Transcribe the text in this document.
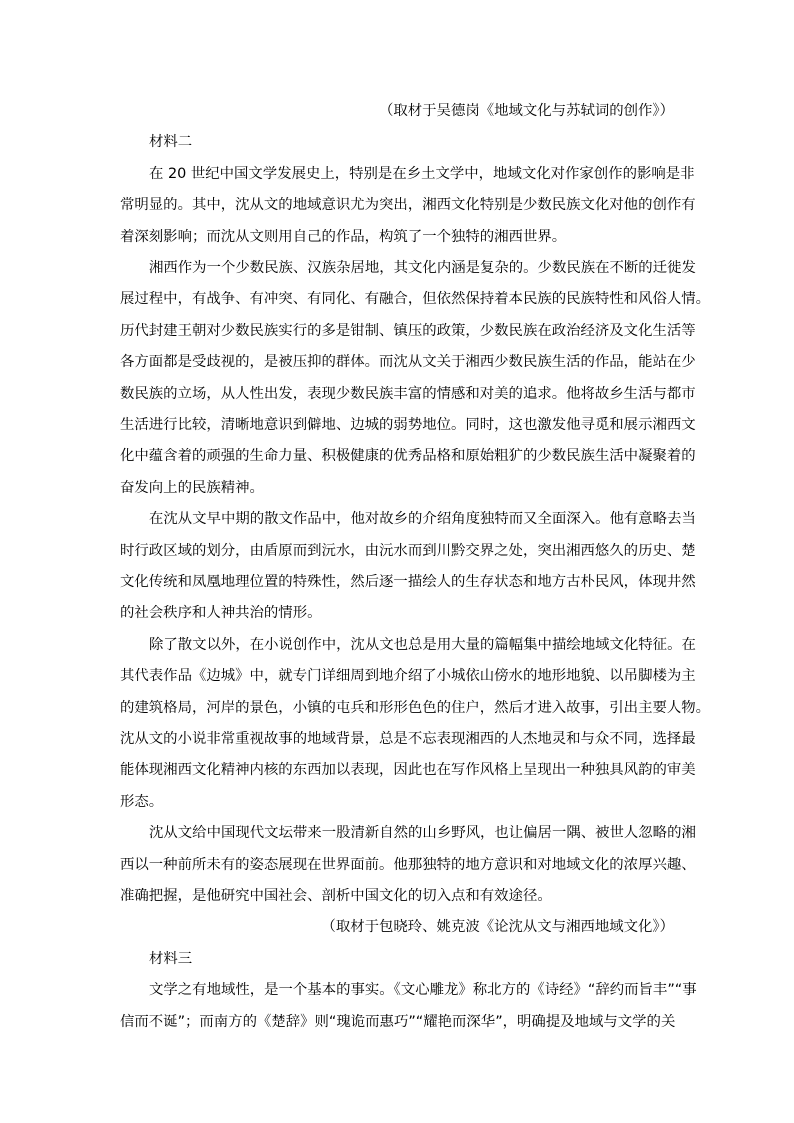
（取材于吴德岗《地域文化与苏轼词的创作》）
材料二
在 20 世纪中国文学发展史上，特别是在乡土文学中，地域文化对作家创作的影响是非
常明显的。其中，沈从文的地域意识尤为突出，湘西文化特别是少数民族文化对他的创作有
着深刻影响；而沈从文则用自己的作品，构筑了一个独特的湘西世界。
湘西作为一个少数民族、汉族杂居地，其文化内涵是复杂的。少数民族在不断的迁徙发
展过程中，有战争、有冲突、有同化、有融合，但依然保持着本民族的民族特性和风俗人情。
历代封建王朝对少数民族实行的多是钳制、镇压的政策，少数民族在政治经济及文化生活等
各方面都是受歧视的，是被压抑的群体。而沈从文关于湘西少数民族生活的作品，能站在少
数民族的立场，从人性出发，表现少数民族丰富的情感和对美的追求。他将故乡生活与都市
生活进行比较，清晰地意识到僻地、边城的弱势地位。同时，这也激发他寻觅和展示湘西文
化中蕴含着的顽强的生命力量、积极健康的优秀品格和原始粗犷的少数民族生活中凝聚着的
奋发向上的民族精神。
在沈从文早中期的散文作品中，他对故乡的介绍角度独特而又全面深入。他有意略去当
时行政区域的划分，由盾原而到沅水，由沅水而到川黔交界之处，突出湘西悠久的历史、楚
文化传统和凤凰地理位置的特殊性，然后逐一描绘人的生存状态和地方古朴民风，体现井然
的社会秩序和人神共治的情形。
除了散文以外，在小说创作中，沈从文也总是用大量的篇幅集中描绘地域文化特征。在
其代表作品《边城》中，就专门详细周到地介绍了小城依山傍水的地形地貌、以吊脚楼为主
的建筑格局，河岸的景色，小镇的屯兵和形形色色的住户，然后才进入故事，引出主要人物。
沈从文的小说非常重视故事的地域背景，总是不忘表现湘西的人杰地灵和与众不同，选择最
能体现湘西文化精神内核的东西加以表现，因此也在写作风格上呈现出一种独具风韵的审美
形态。
沈从文给中国现代文坛带来一股清新自然的山乡野风，也让偏居一隅、被世人忽略的湘
西以一种前所未有的姿态展现在世界面前。他那独特的地方意识和对地域文化的浓厚兴趣、
准确把握，是他研究中国社会、剖析中国文化的切入点和有效途径。
（取材于包晓玲、姚克波《论沈从文与湘西地域文化》）
材料三
文学之有地域性，是一个基本的事实。《文心雕龙》称北方的《诗经》“辞约而旨丰”“事
信而不诞”；而南方的《楚辞》则“瑰诡而惠巧”“耀艳而深华”，明确提及地域与文学的关
